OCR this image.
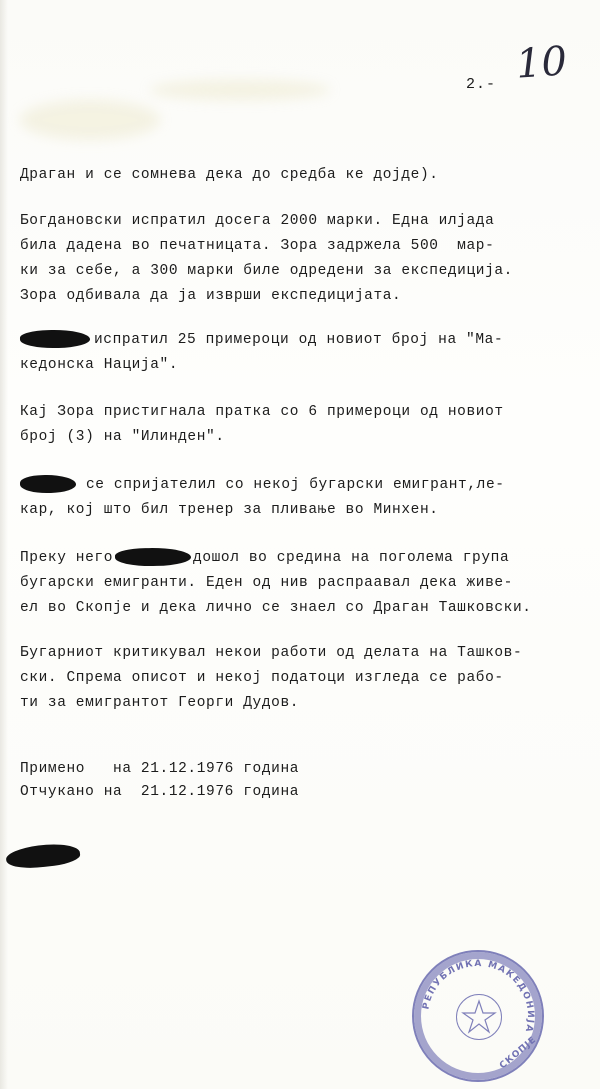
10
2.-

Драган и се сомнева дека до средба ке дојде).

Богдановски испратил досега 2000 марки. Една илјада

била дадена во печатницата. Зора задржела 500  мар-

ки за себе, а 300 марки биле одредени за експедиција.

Зора одбивала да ја изврши експедицијата.

испратил 25 примероци од новиот број на "Ма-

кедонска Нација".

Кај Зора пристигнала пратка со 6 примероци од новиот

број (3) на "Илинден".

се спријателил со некој бугарски емигрант,ле-

кар, кој што бил тренер за пливање во Минхен.

Преку него	дошол во средина на поголема група

бугарски емигранти. Еден од нив распраавал дека живе-

ел во Скопје и дека лично се знаел со Драган Ташковски.

Бугарниот критикувал некои работи од делата на Ташков-

ски. Спрема описот и некој податоци изгледа се рабо-

ти за емигрантот Георги Дудов.

Примено   на 21.12.1976 година

Отчукано на  21.12.1976 година

РЕПУБЛИКА МАКЕДОНИЈА
СКОПЈЕ
